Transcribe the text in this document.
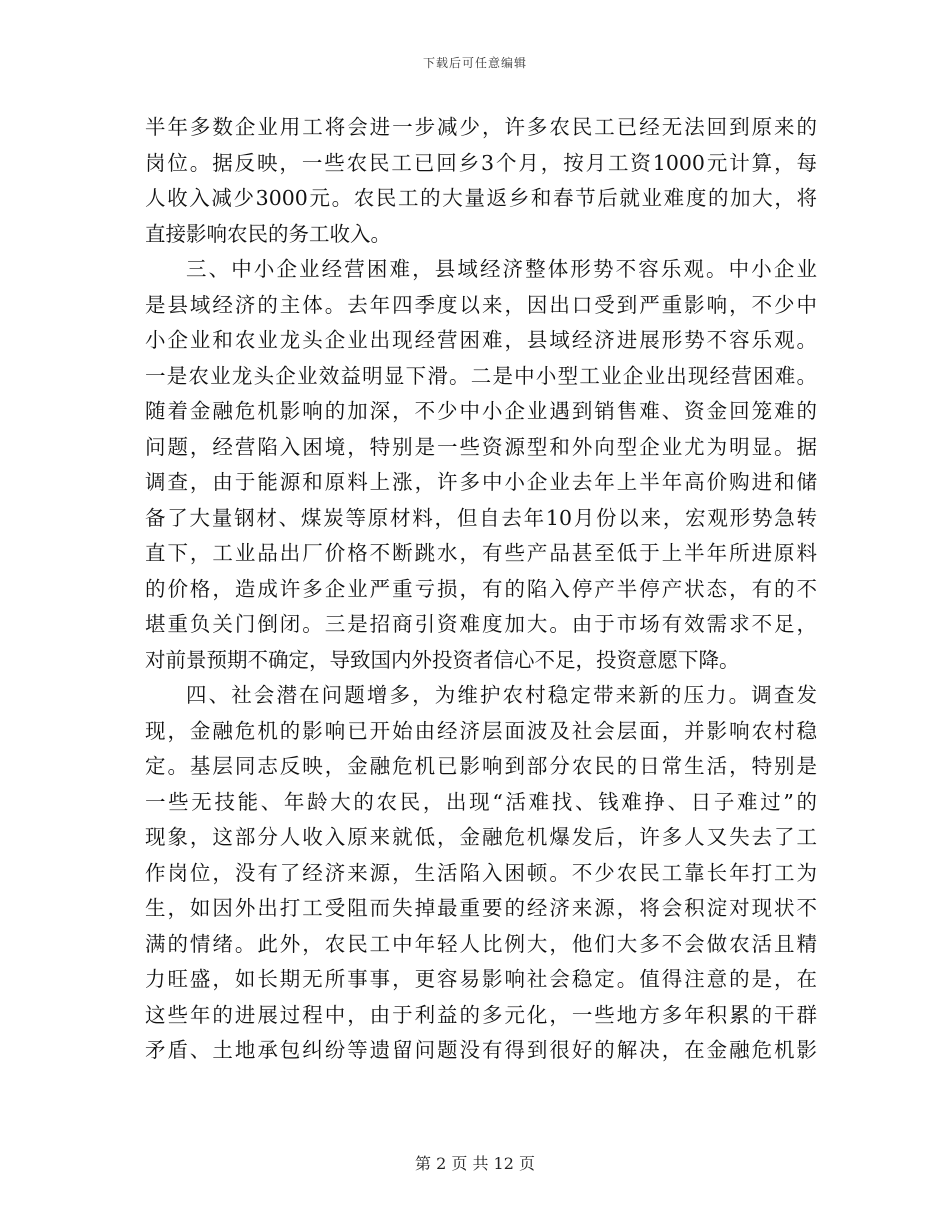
下载后可任意编辑
半年多数企业用工将会进一步减少，许多农民工已经无法回到原来的
岗位。据反映，一些农民工已回乡3个月，按月工资1000元计算，每
人收入减少3000元。农民工的大量返乡和春节后就业难度的加大，将
直接影响农民的务工收入。
三、中小企业经营困难，县域经济整体形势不容乐观。中小企业
是县域经济的主体。去年四季度以来，因出口受到严重影响，不少中
小企业和农业龙头企业出现经营困难，县域经济进展形势不容乐观。
一是农业龙头企业效益明显下滑。二是中小型工业企业出现经营困难。
随着金融危机影响的加深，不少中小企业遇到销售难、资金回笼难的
问题，经营陷入困境，特别是一些资源型和外向型企业尤为明显。据
调查，由于能源和原料上涨，许多中小企业去年上半年高价购进和储
备了大量钢材、煤炭等原材料，但自去年10月份以来，宏观形势急转
直下，工业品出厂价格不断跳水，有些产品甚至低于上半年所进原料
的价格，造成许多企业严重亏损，有的陷入停产半停产状态，有的不
堪重负关门倒闭。三是招商引资难度加大。由于市场有效需求不足，
对前景预期不确定，导致国内外投资者信心不足，投资意愿下降。
四、社会潜在问题增多，为维护农村稳定带来新的压力。调查发
现，金融危机的影响已开始由经济层面波及社会层面，并影响农村稳
定。基层同志反映，金融危机已影响到部分农民的日常生活，特别是
一些无技能、年龄大的农民，出现“活难找、钱难挣、日子难过”的
现象，这部分人收入原来就低，金融危机爆发后，许多人又失去了工
作岗位，没有了经济来源，生活陷入困顿。不少农民工靠长年打工为
生，如因外出打工受阻而失掉最重要的经济来源，将会积淀对现状不
满的情绪。此外，农民工中年轻人比例大，他们大多不会做农活且精
力旺盛，如长期无所事事，更容易影响社会稳定。值得注意的是，在
这些年的进展过程中，由于利益的多元化，一些地方多年积累的干群
矛盾、土地承包纠纷等遗留问题没有得到很好的解决，在金融危机影
第 2 页 共 12 页
